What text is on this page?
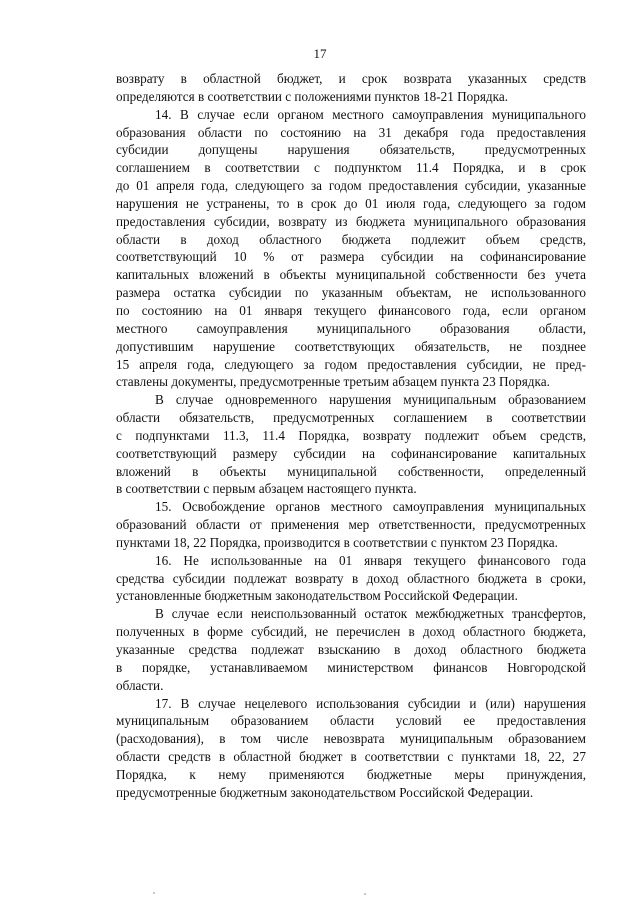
17
возврату в областной бюджет, и срок возврата указанных средств
определяются в соответствии с положениями пунктов 18-21 Порядка.
14. В случае если органом местного самоуправления муниципального
образования области по состоянию на 31 декабря года предоставления
субсидии допущены нарушения обязательств, предусмотренных
соглашением в соответствии с подпунктом 11.4 Порядка, и в срок
до 01 апреля года, следующего за годом предоставления субсидии, указанные
нарушения не устранены, то в срок до 01 июля года, следующего за годом
предоставления субсидии, возврату из бюджета муниципального образования
области в доход областного бюджета подлежит объем средств,
соответствующий 10 % от размера субсидии на софинансирование
капитальных вложений в объекты муниципальной собственности без учета
размера остатка субсидии по указанным объектам, не использованного
по состоянию на 01 января текущего финансового года, если органом
местного самоуправления муниципального образования области,
допустившим нарушение соответствующих обязательств, не позднее
15 апреля года, следующего за годом предоставления субсидии, не пред-
ставлены документы, предусмотренные третьим абзацем пункта 23 Порядка.
В случае одновременного нарушения муниципальным образованием
области обязательств, предусмотренных соглашением в соответствии
с подпунктами 11.3, 11.4 Порядка, возврату подлежит объем средств,
соответствующий размеру субсидии на софинансирование капитальных
вложений в объекты муниципальной собственности, определенный
в соответствии с первым абзацем настоящего пункта.
15. Освобождение органов местного самоуправления муниципальных
образований области от применения мер ответственности, предусмотренных
пунктами 18, 22 Порядка, производится в соответствии с пунктом 23 Порядка.
16. Не использованные на 01 января текущего финансового года
средства субсидии подлежат возврату в доход областного бюджета в сроки,
установленные бюджетным законодательством Российской Федерации.
В случае если неиспользованный остаток межбюджетных трансфертов,
полученных в форме субсидий, не перечислен в доход областного бюджета,
указанные средства подлежат взысканию в доход областного бюджета
в порядке, устанавливаемом министерством финансов Новгородской
области.
17. В случае нецелевого использования субсидии и (или) нарушения
муниципальным образованием области условий ее предоставления
(расходования), в том числе невозврата муниципальным образованием
области средств в областной бюджет в соответствии с пунктами 18, 22, 27
Порядка, к нему применяются бюджетные меры принуждения,
предусмотренные бюджетным законодательством Российской Федерации.
